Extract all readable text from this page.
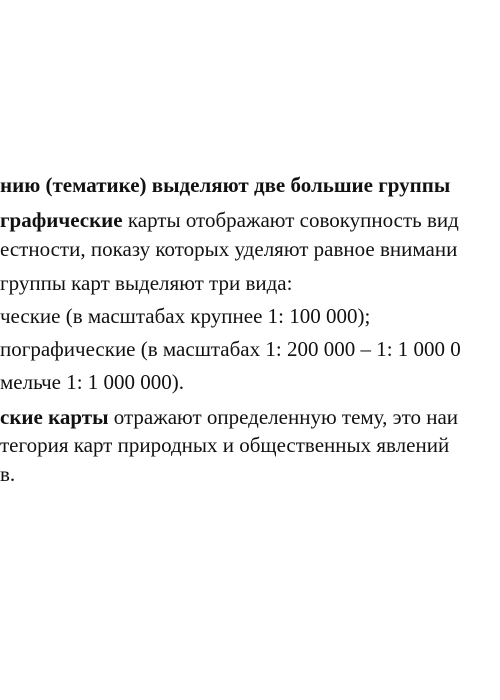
нию (тематике) выделяют две большие группы

графические карты отображают совокупность вид

естности, показу которых уделяют равное внимани

группы карт выделяют три вида:

ческие (в масштабах крупнее 1: 100 000);

пографические (в масштабах 1: 200 000 – 1: 1 000 0

мельче 1: 1 000 000).

ские карты отражают определенную тему, это наи

тегория карт природных и общественных явлений

в.
